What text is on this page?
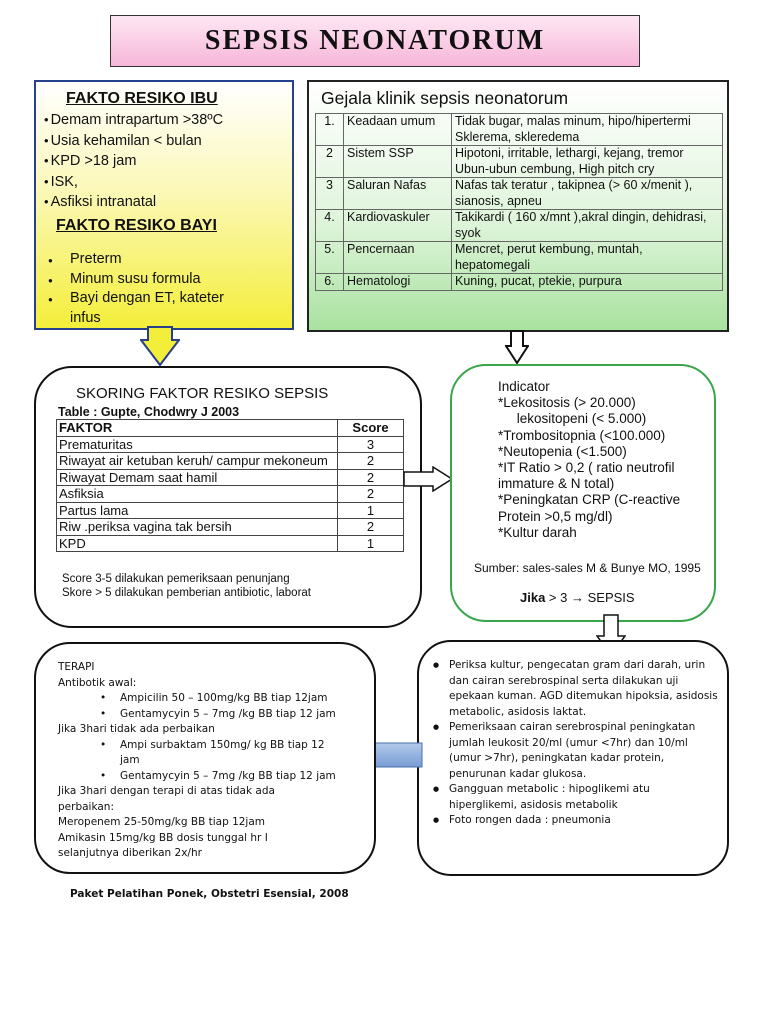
SEPSIS NEONATORUM
FAKTO RESIKO IBU
• Demam intrapartum >38ºC
• Usia kehamilan < bulan
• KPD >18 jam
• ISK,
• Asfiksi intranatal
FAKTO RESIKO BAYI
● Preterm
● Minum susu formula
● Bayi dengan ET, kateter
infus
Gejala klinik sepsis neonatorum
1.	Keadaan umum	Tidak bugar, malas minum, hipo/hipertermi Sklerema, skleredema
2	Sistem SSP	Hipotoni, irritable, lethargi, kejang, tremor Ubun-ubun cembung, High pitch cry
3	Saluran Nafas	Nafas tak teratur , takipnea (> 60 x/menit ), sianosis, apneu
4.	Kardiovaskuler	Takikardi ( 160 x/mnt ),akral dingin, dehidrasi, syok
5.	Pencernaan	Mencret, perut kembung, muntah, hepatomegali
6.	Hematologi	Kuning, pucat, ptekie, purpura
SKORING FAKTOR RESIKO SEPSIS
Table : Gupte, Chodwry J 2003
FAKTOR	Score
Prematuritas	3
Riwayat air ketuban keruh/ campur mekoneum	2
Riwayat Demam saat hamil	2
Asfiksia	2
Partus lama	1
Riw .periksa vagina tak bersih	2
KPD	1
Score 3-5 dilakukan pemeriksaan penunjang
Skore > 5 dilakukan pemberian antibiotic, laborat
Indicator
*Lekositosis (> 20.000)
lekositopeni (< 5.000)
*Trombositopnia (<100.000)
*Neutopenia (<1.500)
*IT Ratio > 0,2 ( ratio neutrofil
immature & N total)
*Peningkatan CRP (C-reactive
Protein >0,5 mg/dl)
*Kultur darah
Sumber: sales-sales M & Bunye MO, 1995
Jika > 3 → SEPSIS
● Periksa kultur, pengecatan gram dari darah, urin dan cairan serebrospinal serta dilakukan uji epekaan kuman. AGD ditemukan hipoksia, asidosis metabolic, asidosis laktat.
● Pemeriksaan cairan serebrospinal peningkatan jumlah leukosit 20/ml (umur <7hr) dan 10/ml (umur >7hr), peningkatan kadar protein, penurunan kadar glukosa.
● Gangguan metabolic : hipoglikemi atu hiperglikemi, asidosis metabolik
● Foto rongen dada : pneumonia
TERAPI
Antibotik awal:
• Ampicilin 50 – 100mg/kg BB tiap 12jam
• Gentamycyin 5 – 7mg /kg BB tiap 12 jam
Jika 3hari tidak ada perbaikan
• Ampi surbaktam 150mg/ kg BB tiap 12
jam
• Gentamycyin 5 – 7mg /kg BB tiap 12 jam
Jika 3hari dengan terapi di atas tidak ada
perbaikan:
Meropenem 25-50mg/kg BB tiap 12jam
Amikasin 15mg/kg BB dosis tunggal hr I
selanjutnya diberikan 2x/hr
Paket Pelatihan Ponek, Obstetri Esensial, 2008
